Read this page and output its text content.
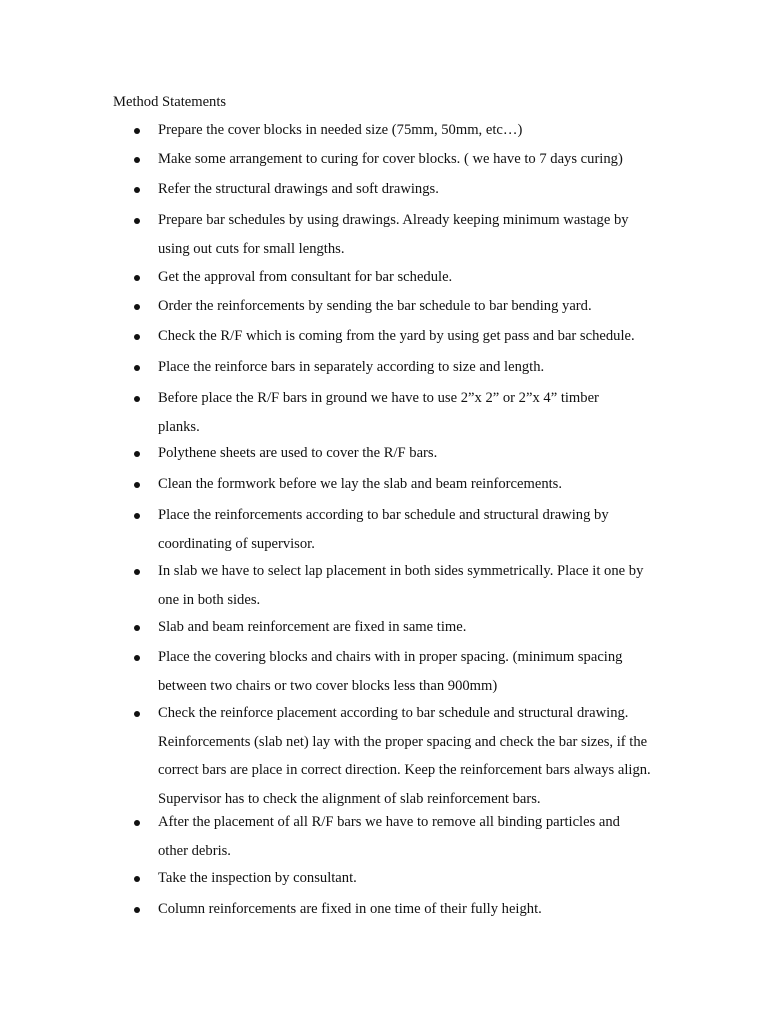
Method Statements
Prepare the cover blocks in needed size (75mm, 50mm, etc…)
Make some arrangement to curing for cover blocks. ( we have to 7 days curing)
Refer the structural drawings and soft drawings.
Prepare bar schedules by using drawings. Already keeping minimum wastage by using out cuts for small lengths.
Get the approval from consultant for bar schedule.
Order the reinforcements by sending the bar schedule to bar bending yard.
Check the R/F which is coming from the yard by using get pass and bar schedule.
Place the reinforce bars in separately according to size and length.
Before place the R/F bars in ground we have to use 2”x 2” or 2”x 4” timber planks.
Polythene sheets are used to cover the R/F bars.
Clean the formwork before we lay the slab and beam reinforcements.
Place the reinforcements according to bar schedule and structural drawing by coordinating of supervisor.
In slab we have to select lap placement in both sides symmetrically. Place it one by one in both sides.
Slab and beam reinforcement are fixed in same time.
Place the covering blocks and chairs with in proper spacing. (minimum spacing between two chairs or two cover blocks less than 900mm)
Check the reinforce placement according to bar schedule and structural drawing. Reinforcements (slab net) lay with the proper spacing and check the bar sizes, if the correct bars are place in correct direction. Keep the reinforcement bars always align. Supervisor has to check the alignment of slab reinforcement bars.
After the placement of all R/F bars we have to remove all binding particles and other debris.
Take the inspection by consultant.
Column reinforcements are fixed in one time of their fully height.
